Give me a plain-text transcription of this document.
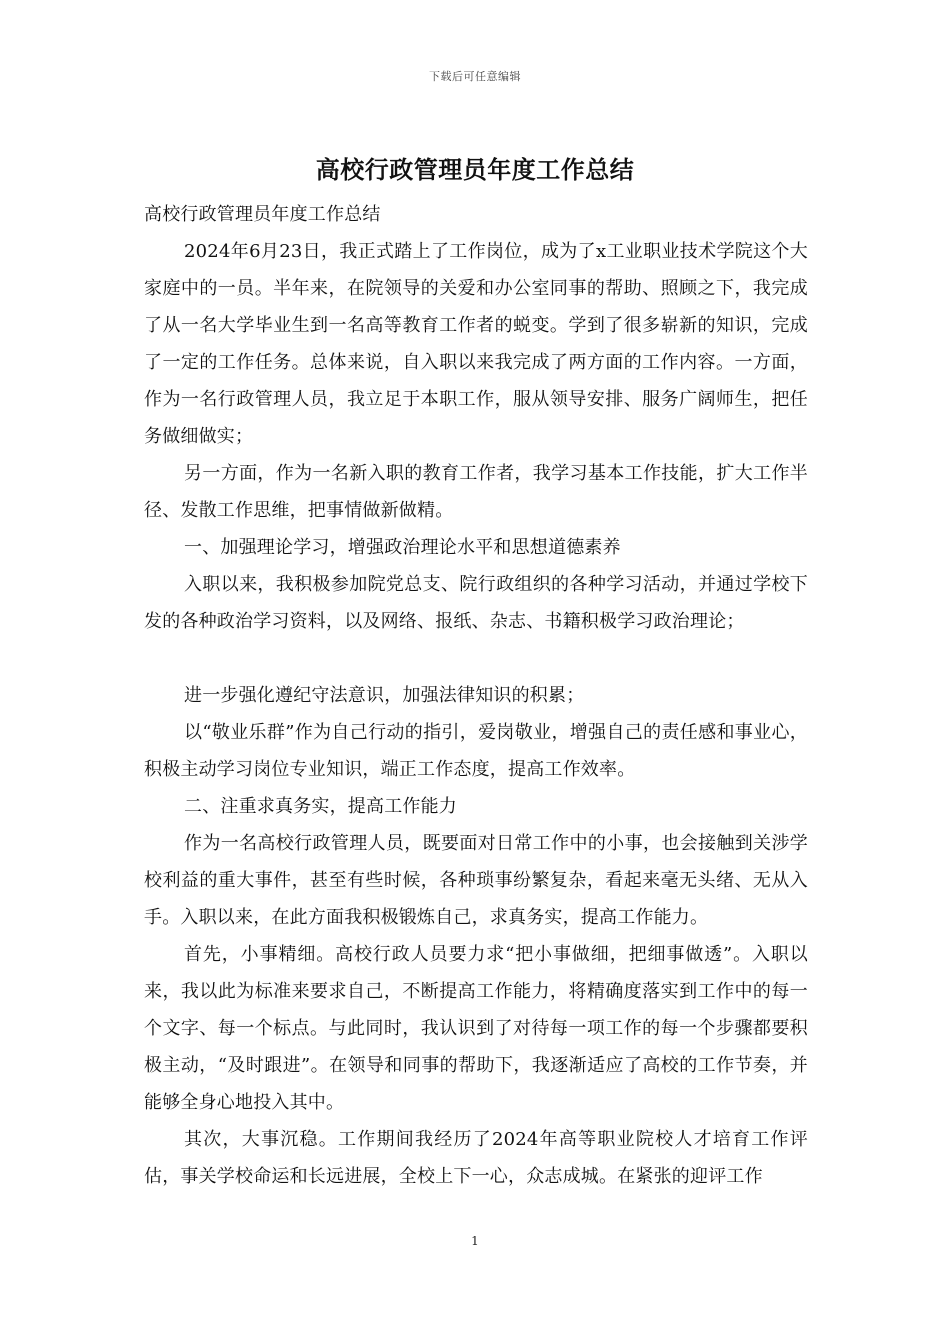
下载后可任意编辑
高校行政管理员年度工作总结

高校行政管理员年度工作总结

2024年6月23日，我正式踏上了工作岗位，成为了x工业职业技术学院这个大家庭中的一员。半年来，在院领导的关爱和办公室同事的帮助、照顾之下，我完成了从一名大学毕业生到一名高等教育工作者的蜕变。学到了很多崭新的知识，完成了一定的工作任务。总体来说，自入职以来我完成了两方面的工作内容。一方面，作为一名行政管理人员，我立足于本职工作，服从领导安排、服务广阔师生，把任务做细做实；

另一方面，作为一名新入职的教育工作者，我学习基本工作技能，扩大工作半径、发散工作思维，把事情做新做精。

一、加强理论学习，增强政治理论水平和思想道德素养

入职以来，我积极参加院党总支、院行政组织的各种学习活动，并通过学校下发的各种政治学习资料，以及网络、报纸、杂志、书籍积极学习政治理论；

进一步强化遵纪守法意识，加强法律知识的积累；

以“敬业乐群”作为自己行动的指引，爱岗敬业，增强自己的责任感和事业心，积极主动学习岗位专业知识，端正工作态度，提高工作效率。

二、注重求真务实，提高工作能力

作为一名高校行政管理人员，既要面对日常工作中的小事，也会接触到关涉学校利益的重大事件，甚至有些时候，各种琐事纷繁复杂，看起来毫无头绪、无从入手。入职以来，在此方面我积极锻炼自己，求真务实，提高工作能力。

首先，小事精细。高校行政人员要力求“把小事做细，把细事做透”。入职以来，我以此为标准来要求自己，不断提高工作能力，将精确度落实到工作中的每一个文字、每一个标点。与此同时，我认识到了对待每一项工作的每一个步骤都要积极主动，“及时跟进”。在领导和同事的帮助下，我逐渐适应了高校的工作节奏，并能够全身心地投入其中。

其次，大事沉稳。工作期间我经历了2024年高等职业院校人才培育工作评估，事关学校命运和长远进展，全校上下一心，众志成城。在紧张的迎评工作

1
